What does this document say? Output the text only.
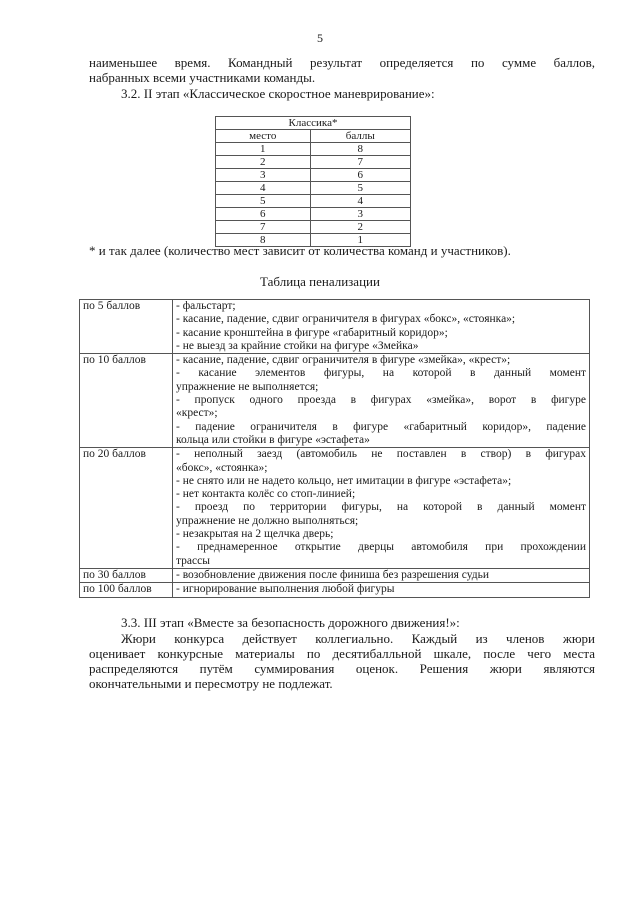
5
наименьшее время. Командный результат определяется по сумме баллов,
набранных всеми участниками команды.
3.2. II этап «Классическое скоростное маневрирование»:
Классика*	
место	баллы
1	8
2	7
3	6
4	5
5	4
6	3
7	2
8	1
* и так далее (количество мест зависит от количества команд и участников).
Таблица пенализации
по 5 баллов	- фальстарт;
- касание, падение, сдвиг ограничителя в фигурах «бокс», «стоянка»;
- касание кронштейна в фигуре «габаритный коридор»;
- не выезд за крайние стойки на фигуре «Змейка»

по 10 баллов	- касание, падение, сдвиг ограничителя в фигуре «змейка», «крест»;
- касание элементов фигуры, на которой в данный момент
упражнение не выполняется;
- пропуск одного проезда в фигурах «змейка», ворот в фигуре
«крест»;
- падение ограничителя в фигуре «габаритный коридор», падение
кольца или стойки в фигуре «эстафета»

по 20 баллов	- неполный заезд (автомобиль не поставлен в створ) в фигурах
«бокс», «стоянка»;
- не снято или не надето кольцо, нет имитации в фигуре «эстафета»;
- нет контакта колёс со стоп-линией;
- проезд по территории фигуры, на которой в данный момент
упражнение не должно выполняться;
- незакрытая на 2 щелчка дверь;
- преднамеренное открытие дверцы автомобиля при прохождении
трассы

по 30 баллов	- возобновление движения после финиша без разрешения судьи

по 100 баллов	- игнорирование выполнения любой фигуры
3.3. III этап «Вместе за безопасность дорожного движения!»:
Жюри конкурса действует коллегиально. Каждый из членов жюри
оценивает конкурсные материалы по десятибалльной шкале, после чего места
распределяются путём суммирования оценок. Решения жюри являются
окончательными и пересмотру не подлежат.
